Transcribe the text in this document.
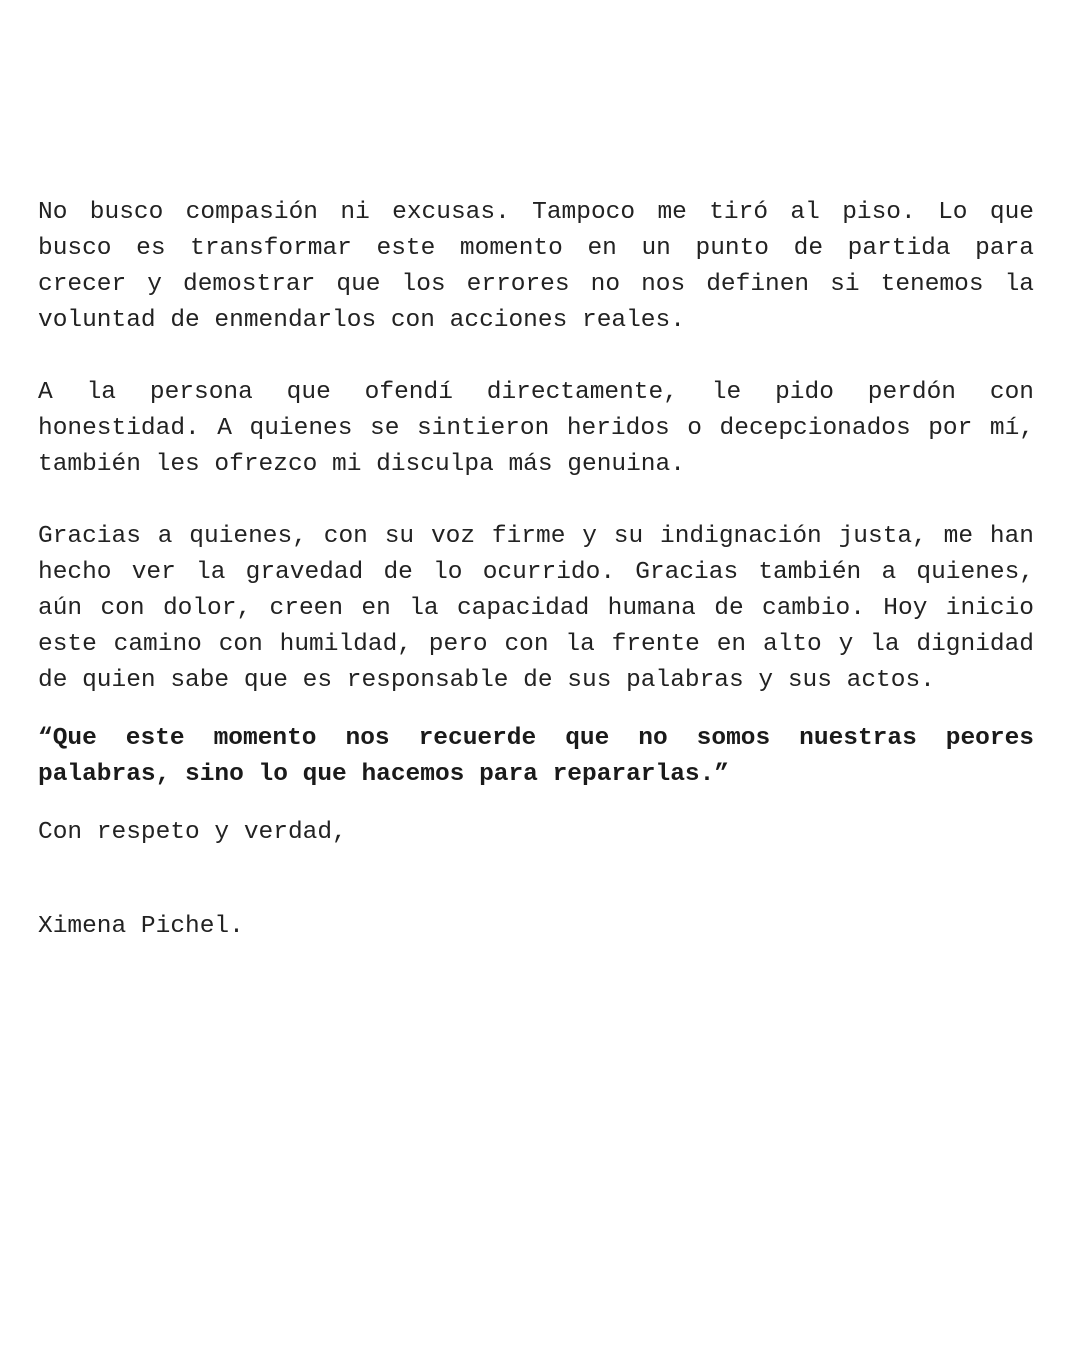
No busco compasión ni excusas. Tampoco me tiró al piso. Lo que busco es transformar este momento en un punto de partida para crecer y demostrar que los errores no nos definen si tenemos la voluntad de enmendarlos con acciones reales.

A la persona que ofendí directamente, le pido perdón con honestidad. A quienes se sintieron heridos o decepcionados por mí, también les ofrezco mi disculpa más genuina.

Gracias a quienes, con su voz firme y su indignación justa, me han hecho ver la gravedad de lo ocurrido. Gracias también a quienes, aún con dolor, creen en la capacidad humana de cambio. Hoy inicio este camino con humildad, pero con la frente en alto y la dignidad de quien sabe que es responsable de sus palabras y sus actos.

“Que este momento nos recuerde que no somos nuestras peores palabras, sino lo que hacemos para repararlas.”

Con respeto y verdad,

Ximena Pichel.
